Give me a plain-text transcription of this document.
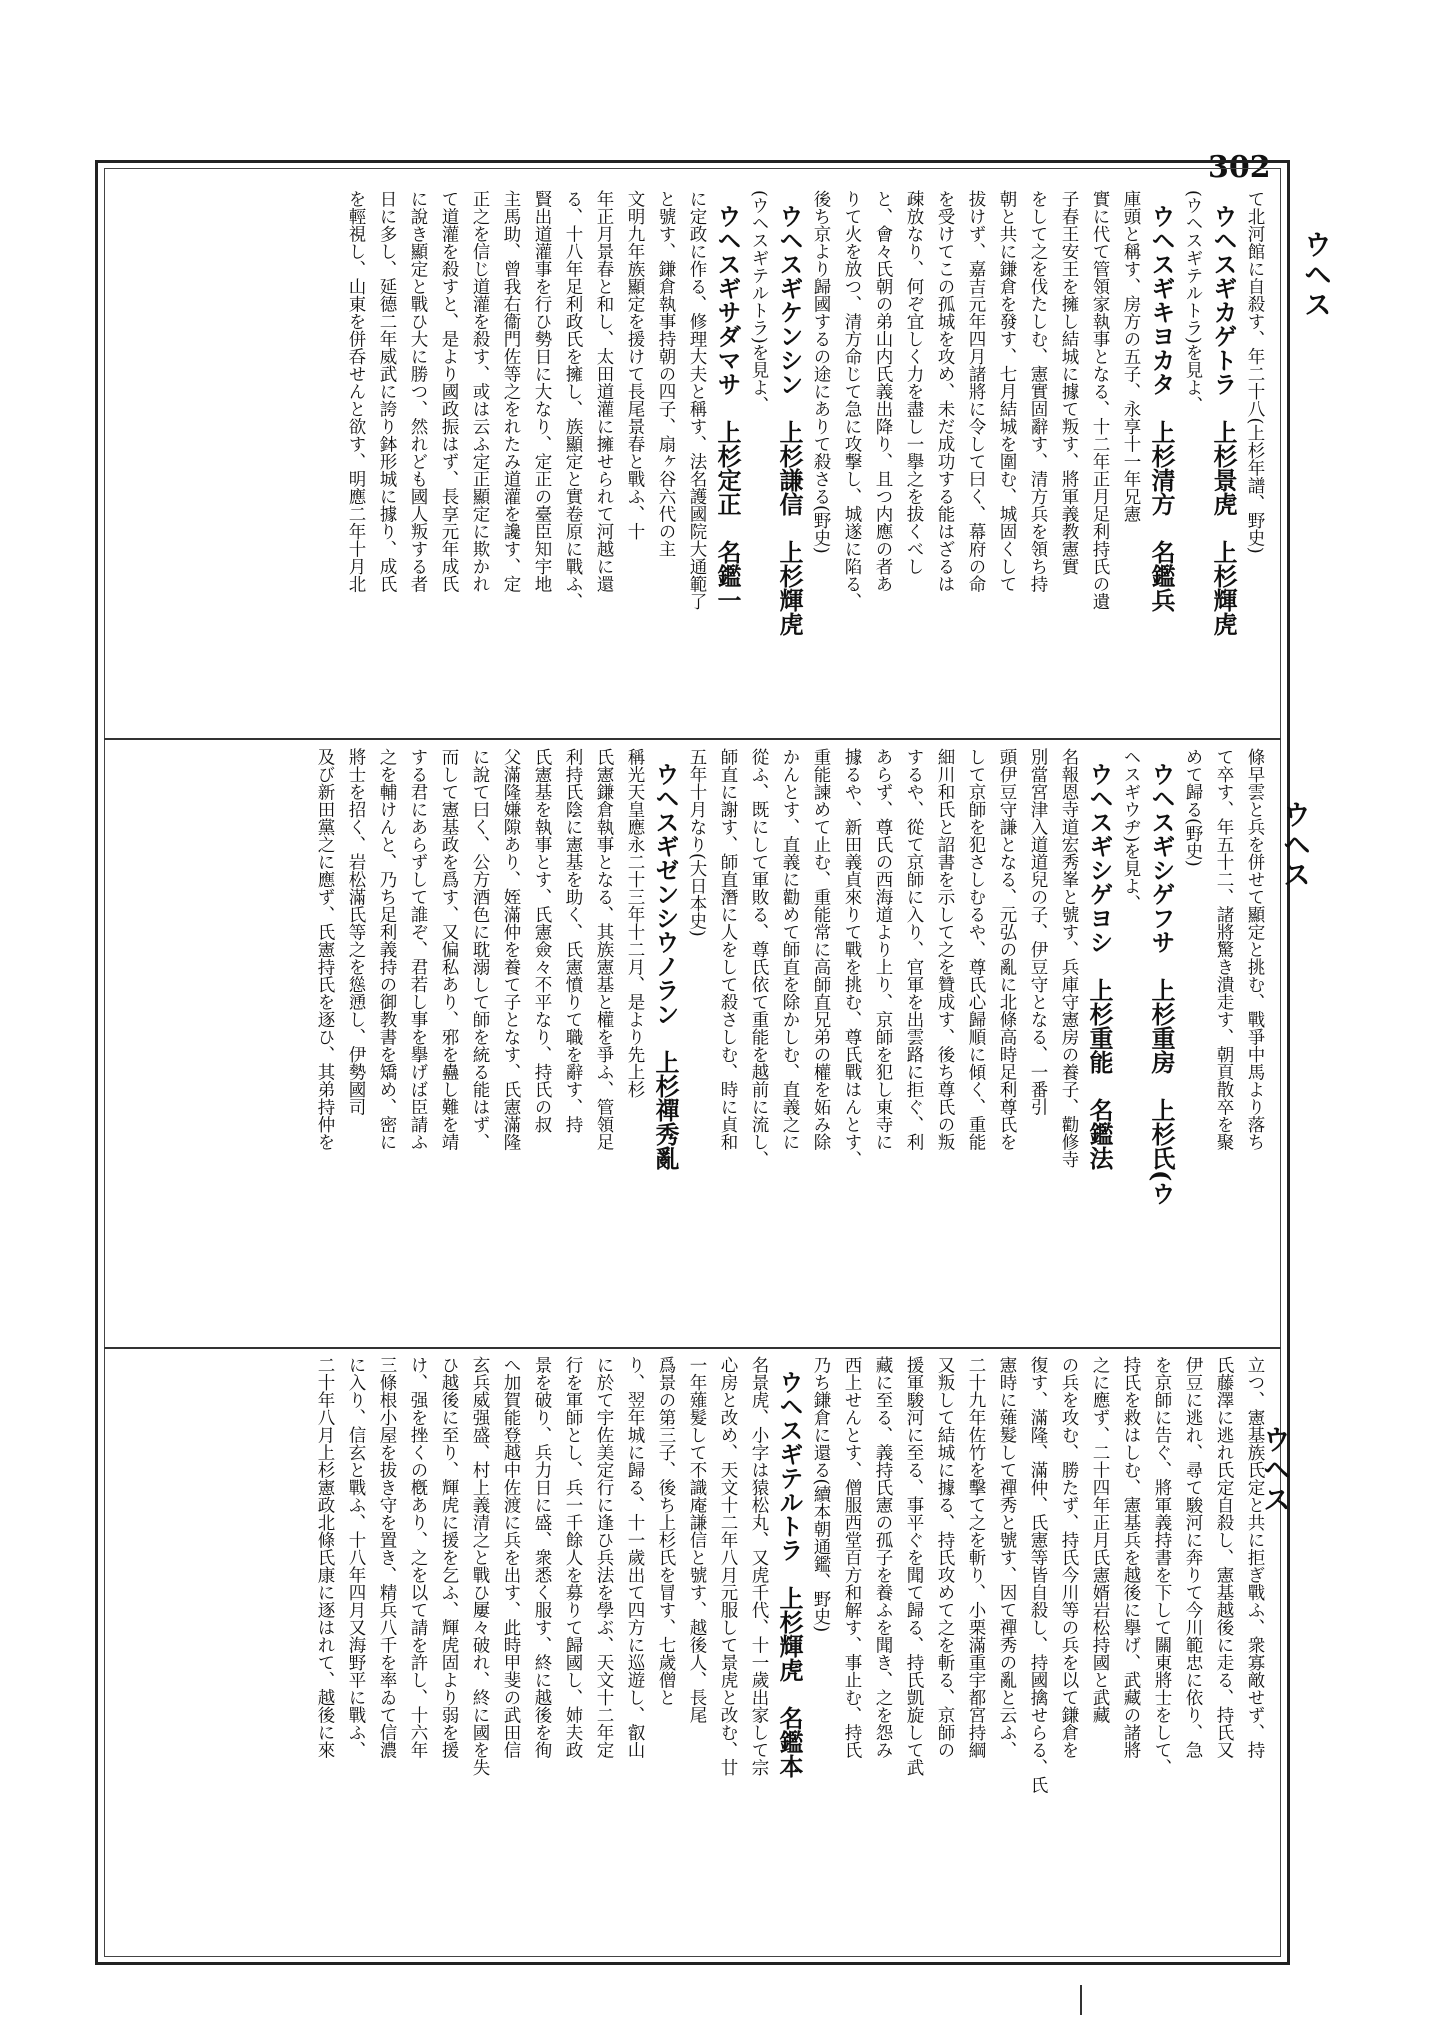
302
ウヘス
ウヘス
ウヘス
て北河館に自殺す、年二十八(上杉年譜、野史)
ウヘスギカゲトラ　上杉景虎　上杉輝虎
(ウヘスギテルトラ)を見よ、
ウヘスギキヨカタ　上杉清方　名鑑兵
庫頭と稱す、房方の五子、永享十一年兄憲
實に代て管領家執事となる、十二年正月足利持氏の遺
子春王安王を擁し結城に據て叛す、將軍義教憲實
をして之を伐たしむ、憲實固辭す、清方兵を領ち持
朝と共に鎌倉を發す、七月結城を圍む、城固くして
拔けず、嘉吉元年四月諸將に令して曰く、幕府の命
を受けてこの孤城を攻め、未だ成功する能はざるは
疎放なり、何ぞ宜しく力を盡し一擧之を拔くべし
と、會々氏朝の弟山内氏義出降り、且つ内應の者あ
りて火を放つ、清方命じて急に攻撃し、城遂に陷る、
後ち京より歸國するの途にありて殺さる(野史)
ウヘスギケンシン　上杉謙信　上杉輝虎
(ウヘスギテルトラ)を見よ、
ウヘスギサダマサ　上杉定正　名鑑一
に定政に作る、修理大夫と稱す、法名護國院大通範了
と號す、鎌倉執事持朝の四子、扇ヶ谷六代の主
文明九年族顯定を援けて長尾景春と戰ふ、十
年正月景春と和し、太田道灌に擁せられて河越に還
る、十八年足利政氏を擁し、族顯定と實卷原に戰ふ、
賢出道灌事を行ひ勢日に大なり、定正の臺臣知宇地
主馬助、曾我右衞門佐等之をれたみ道灌を讒す、定
正之を信じ道灌を殺す、或は云ふ定正顯定に欺かれ
て道灌を殺すと、是より國政振はず、長享元年成氏
に說き顯定と戰ひ大に勝つ、然れども國人叛する者
日に多し、延德二年威武に誇り鉢形城に據り、成氏
を輕視し、山東を併呑せんと欲す、明應二年十月北
條早雲と兵を併せて顯定と挑む、戰爭中馬より落ち
て卒す、年五十二、諸將驚き潰走す、朝頁散卒を聚
めて歸る(野史)
ウヘスギシゲフサ　上杉重房　上杉氏(ウ
ヘスギウヂ)を見よ、
ウヘスギシゲヨシ　上杉重能　名鑑法
名報恩寺道宏秀峯と號す、兵庫守憲房の養子、勸修寺
別當宮津入道道兒の子、伊豆守となる、一番引
頭伊豆守謙となる、元弘の亂に北條高時足利尊氏を
して京師を犯さしむるや、尊氏心歸順に傾く、重能
細川和氏と詔書を示して之を贊成す、後ち尊氏の叛
するや、從て京師に入り、官軍を出雲路に拒ぐ、利
あらず、尊氏の西海道より上り、京師を犯し東寺に
據るや、新田義貞來りて戰を挑む、尊氏戰はんとす、
重能諫めて止む、重能常に高師直兄弟の權を妬み除
かんとす、直義に勸めて師直を除かしむ、直義之に
從ふ、既にして軍敗る、尊氏依て重能を越前に流し、
師直に謝す、師直潛に人をして殺さしむ、時に貞和
五年十月なり(大日本史)
ウヘスギゼンシウノラン　上杉禪秀亂
稱光天皇應永二十三年十二月、是より先上杉
氏憲鎌倉執事となる、其族憲基と權を爭ふ、管領足
利持氏陰に憲基を助く、氏憲憤りて職を辭す、持
氏憲基を執事とす、氏憲僉々不平なり、持氏の叔
父滿隆嫌隙あり、姪滿仲を養て子となす、氏憲滿隆
に說て曰く、公方酒色に耽溺して師を統る能はず、
而して憲基政を爲す、又偏私あり、邪を蠱し難を靖
する君にあらずして誰ぞ、君若し事を擧げば臣請ふ
之を輔けんと、乃ち足利義持の御教書を矯め、密に
將士を招く、岩松滿氏等之を慫慂し、伊勢國司
及び新田黨之に應ず、氏憲持氏を逐ひ、其弟持仲を
立つ、憲基族氏定と共に拒ぎ戰ふ、衆寡敵せず、持
氏藤澤に逃れ氏定自殺し、憲基越後に走る、持氏又
伊豆に逃れ、尋て駿河に奔りて今川範忠に依り、急
を京師に告ぐ、將軍義持書を下して關東將士をして、
持氏を救はしむ、憲基兵を越後に擧げ、武藏の諸將
之に應ず、二十四年正月氏憲婿岩松持國と武藏
の兵を攻む、勝たず、持氏今川等の兵を以て鎌倉を
復す、滿隆、滿仲、氏憲等皆自殺し、持國擒せらる、氏
憲時に薙髮して禪秀と號す、因て禪秀の亂と云ふ、
二十九年佐竹を擊て之を斬り、小栗滿重宇都宮持綱
又叛して結城に據る、持氏攻めて之を斬る、京師の
援軍駿河に至る、事平ぐを聞て歸る、持氏凱旋して武
藏に至る、義持氏憲の孤子を養ふを聞き、之を怨み
西上せんとす、僧服西堂百方和解す、事止む、持氏
乃ち鎌倉に還る(續本朝通鑑、野史)
ウヘスギテルトラ　上杉輝虎　名鑑本
名景虎、小字は猿松丸、又虎千代、十一歲出家して宗
心房と改め、天文十二年八月元服して景虎と改む、廿
一年薙髮して不識庵謙信と號す、越後人、長尾
爲景の第三子、後ち上杉氏を冒す、七歲僧と
り、翌年城に歸る、十一歲出て四方に巡遊し、叡山
に於て宇佐美定行に逢ひ兵法を學ぶ、天文十二年定
行を軍師とし、兵一千餘人を募りて歸國し、姉夫政
景を破り、兵力日に盛、衆悉く服す、終に越後を徇
へ加賀能登越中佐渡に兵を出す、此時甲斐の武田信
玄兵威强盛、村上義清之と戰ひ屢々破れ、終に國を失
ひ越後に至り、輝虎に援を乞ふ、輝虎固より弱を援
け、强を挫くの槪あり、之を以て請を許し、十六年
三條根小屋を拔き守を置き、精兵八千を率ゐて信濃
に入り、信玄と戰ふ、十八年四月又海野平に戰ふ、
二十年八月上杉憲政北條氏康に逐はれて、越後に來
